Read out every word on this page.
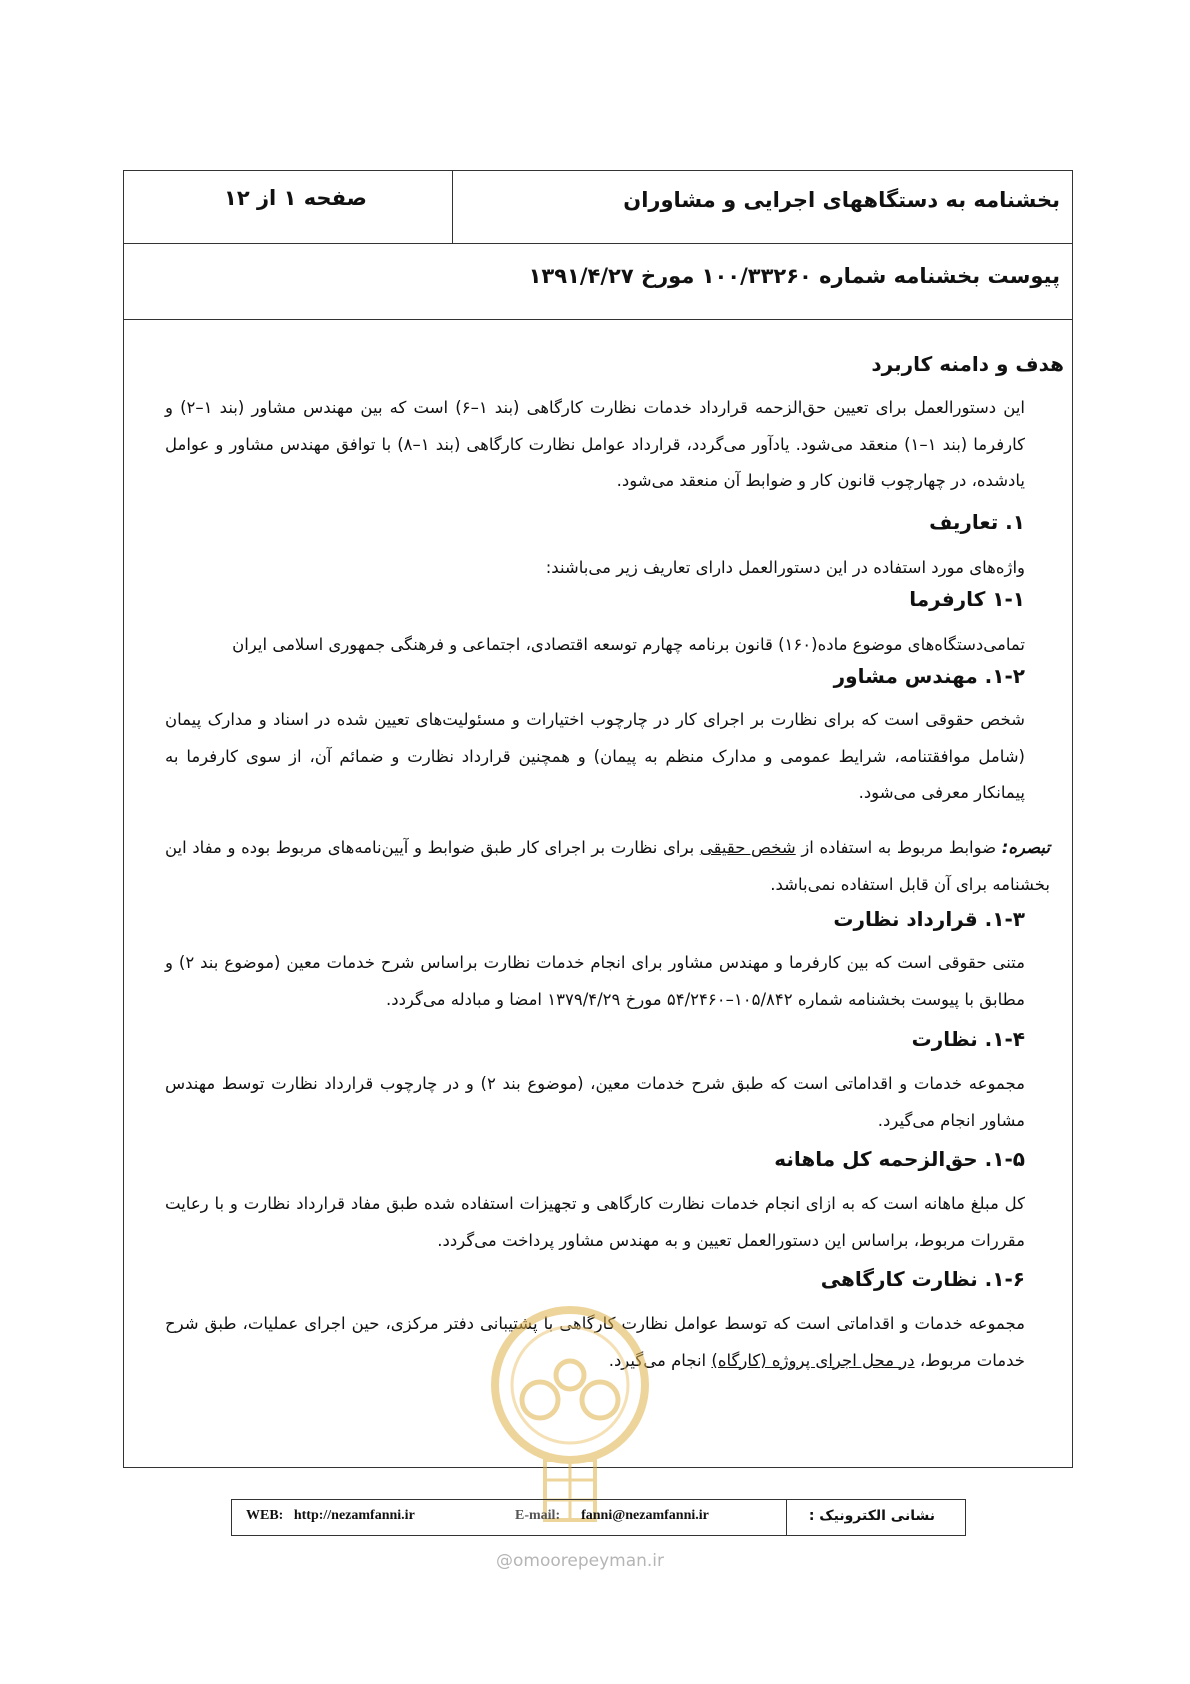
بخشنامه به دستگاههای اجرایی و مشاوران
صفحه ۱ از ۱۲
پیوست بخشنامه شماره ۱۰۰/۳۳۲۶۰ مورخ ۱۳۹۱/۴/۲۷
هدف و دامنه کاربرد

این دستورالعمل برای تعیین حق‌الزحمه قرارداد خدمات نظارت کارگاهی (بند ۱–۶) است که بین مهندس مشاور (بند ۱–۲) و کارفرما (بند ۱–۱) منعقد می‌شود. یادآور می‌گردد، قرارداد عوامل نظارت کارگاهی (بند ۱–۸) با توافق مهندس مشاور و عوامل یادشده، در چهارچوب قانون کار و ضوابط آن منعقد می‌شود.

۱. تعاریف

واژه‌های مورد استفاده در این دستورالعمل دارای تعاریف زیر می‌باشند:

۱-۱ کارفرما

تمامی‌دستگاه‌های موضوع ماده(۱۶۰) قانون برنامه چهارم توسعه اقتصادی، اجتماعی و فرهنگی جمهوری اسلامی ایران

۱-۲. مهندس مشاور

شخص حقوقی است که برای نظارت بر اجرای کار در چارچوب اختیارات و مسئولیت‌های تعیین شده در اسناد و مدارک پیمان (شامل موافقتنامه، شرایط عمومی و مدارک منظم به پیمان) و همچنین قرارداد نظارت و ضمائم آن، از سوی کارفرما به پیمانکار معرفی می‌شود.

تبصره: ضوابط مربوط به استفاده از شخص حقیقی برای نظارت بر اجرای کار طبق ضوابط و آیین‌نامه‌های مربوط بوده و مفاد این بخشنامه برای آن قابل استفاده نمی‌باشد.

۱-۳. قرارداد نظارت

متنی حقوقی است که بین کارفرما و مهندس مشاور برای انجام خدمات نظارت براساس شرح خدمات معین (موضوع بند ۲) و مطابق با پیوست بخشنامه شماره ۱۰۵/۸۴۲–۵۴/۲۴۶۰ مورخ ۱۳۷۹/۴/۲۹ امضا و مبادله می‌گردد.

۱-۴. نظارت

مجموعه خدمات و اقداماتی است که طبق شرح خدمات معین، (موضوع بند ۲) و در چارچوب قرارداد نظارت توسط مهندس مشاور انجام می‌گیرد.

۱-۵. حق‌الزحمه کل ماهانه

کل مبلغ ماهانه است که به ازای انجام خدمات نظارت کارگاهی و تجهیزات استفاده شده طبق مفاد قرارداد نظارت و با رعایت مقررات مربوط، براساس این دستورالعمل تعیین و به مهندس مشاور پرداخت می‌گردد.

۱-۶. نظارت کارگاهی

مجموعه خدمات و اقداماتی است که توسط عوامل نظارت کارگاهی با پشتیبانی دفتر مرکزی، حین اجرای عملیات، طبق شرح خدمات مربوط، در محل اجرای پروژه (کارگاه) انجام می‌گیرد.

WEB: http://nezamfanni.ir	E-mail: fanni@nezamfanni.ir	نشانی الکترونیک :
@omoorepeyman.ir
